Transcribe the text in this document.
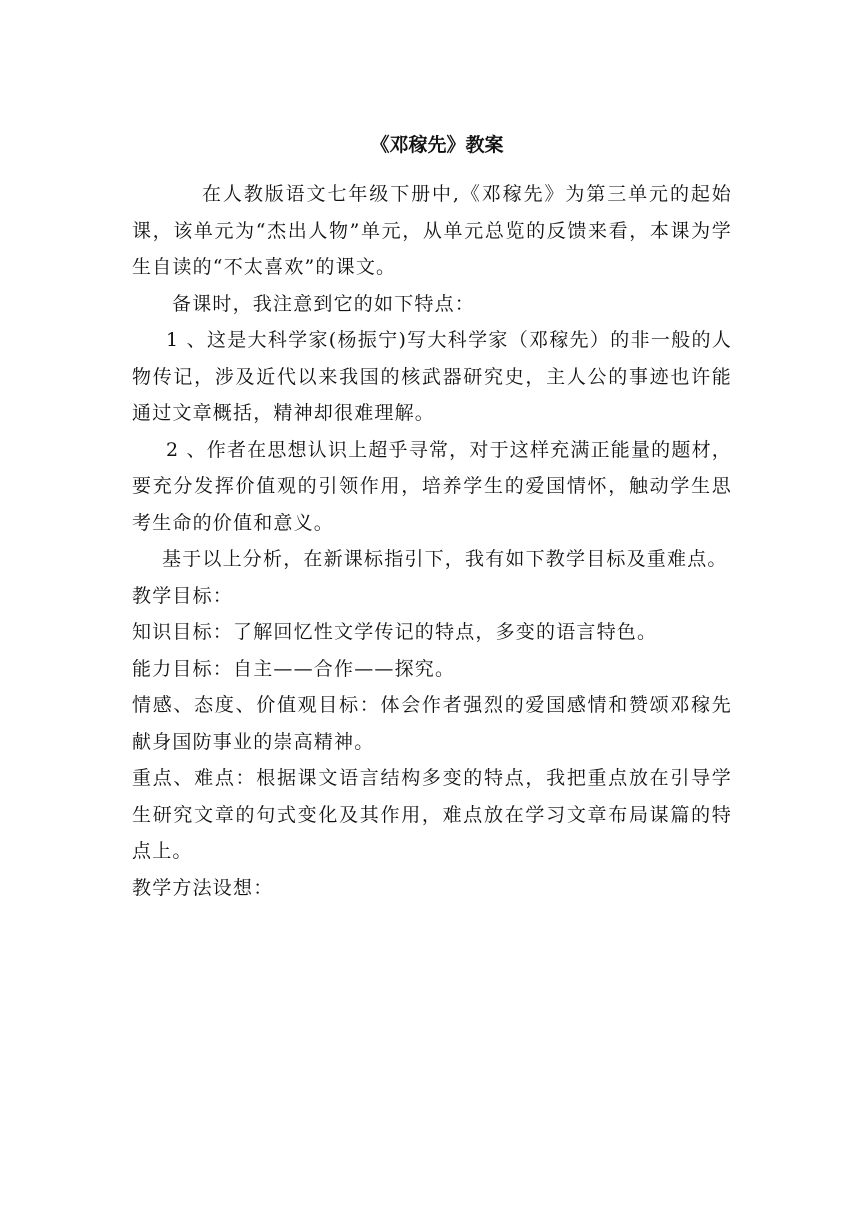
《邓稼先》教案

在人教版语文七年级下册中,《邓稼先》为第三单元的起始课，该单元为“杰出人物”单元，从单元总览的反馈来看，本课为学生自读的“不太喜欢”的课文。

备课时，我注意到它的如下特点：

1 、这是大科学家(杨振宁)写大科学家（邓稼先）的非一般的人物传记，涉及近代以来我国的核武器研究史，主人公的事迹也许能通过文章概括，精神却很难理解。

2 、作者在思想认识上超乎寻常，对于这样充满正能量的题材，要充分发挥价值观的引领作用，培养学生的爱国情怀，触动学生思考生命的价值和意义。

基于以上分析，在新课标指引下，我有如下教学目标及重难点。

教学目标：

知识目标：了解回忆性文学传记的特点，多变的语言特色。

能力目标：自主——合作——探究。

情感、态度、价值观目标：体会作者强烈的爱国感情和赞颂邓稼先献身国防事业的崇高精神。

重点、难点：根据课文语言结构多变的特点，我把重点放在引导学生研究文章的句式变化及其作用，难点放在学习文章布局谋篇的特点上。

教学方法设想：
